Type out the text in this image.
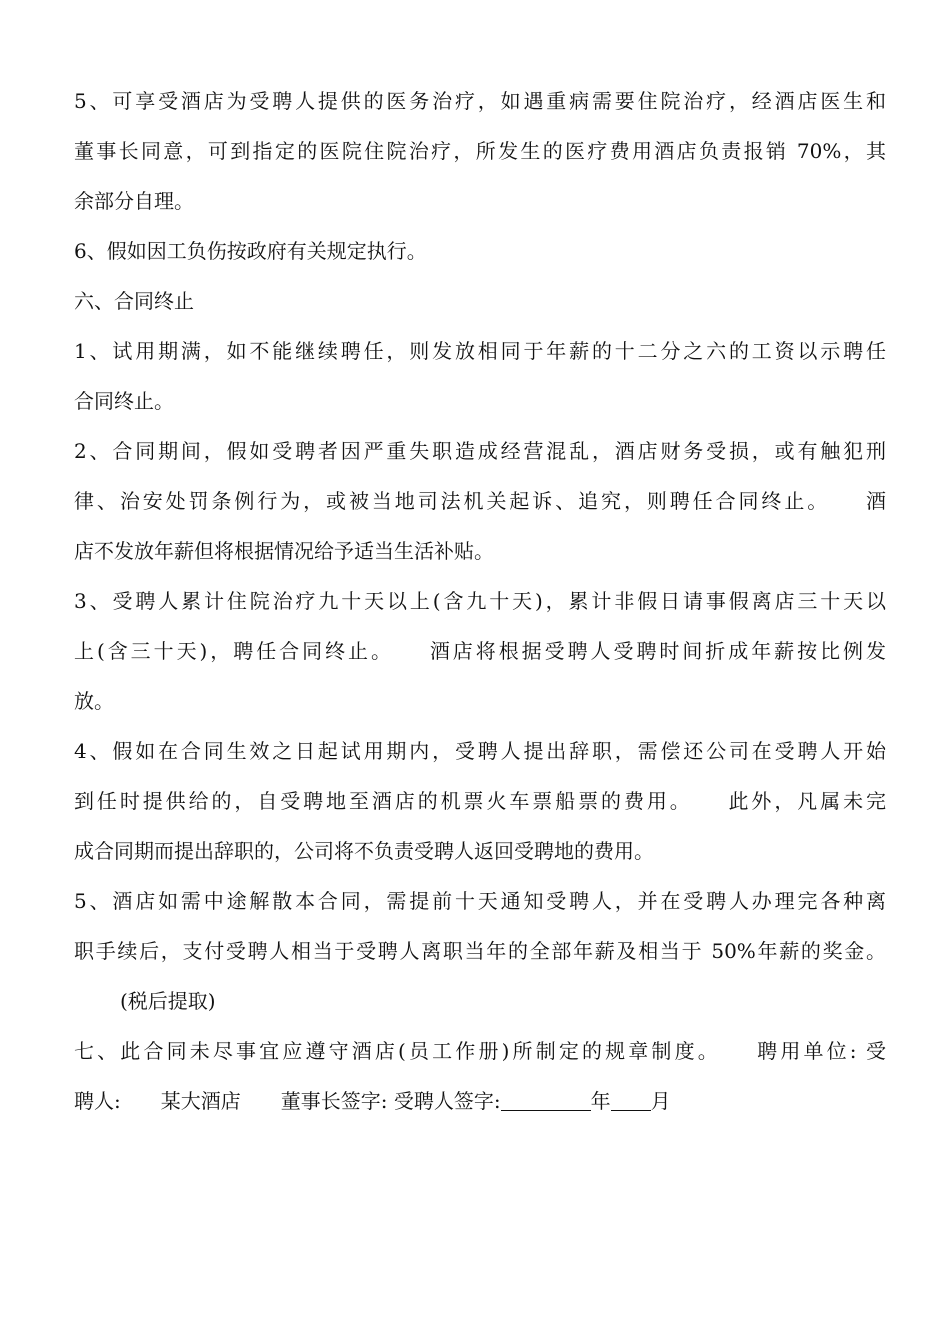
5、可享受酒店为受聘人提供的医务治疗，如遇重病需要住院治疗，经酒店医生和
董事长同意，可到指定的医院住院治疗，所发生的医疗费用酒店负责报销 70%，其
余部分自理。
6、假如因工负伤按政府有关规定执行。
六、合同终止
1、试用期满，如不能继续聘任，则发放相同于年薪的十二分之六的工资以示聘任
合同终止。
2、合同期间，假如受聘者因严重失职造成经营混乱，酒店财务受损，或有触犯刑
律、治安处罚条例行为，或被当地司法机关起诉、追究，则聘任合同终止。　　酒
店不发放年薪但将根据情况给予适当生活补贴。
3、受聘人累计住院治疗九十天以上(含九十天)，累计非假日请事假离店三十天以
上(含三十天)，聘任合同终止。　　酒店将根据受聘人受聘时间折成年薪按比例发
放。
4、假如在合同生效之日起试用期内，受聘人提出辞职，需偿还公司在受聘人开始
到任时提供给的，自受聘地至酒店的机票火车票船票的费用。　　此外，凡属未完
成合同期而提出辞职的，公司将不负责受聘人返回受聘地的费用。
5、酒店如需中途解散本合同，需提前十天通知受聘人，并在受聘人办理完各种离
职手续后，支付受聘人相当于受聘人离职当年的全部年薪及相当于 50%年薪的奖金。
(税后提取)
七、此合同未尽事宜应遵守酒店(员工作册)所制定的规章制度。　　聘用单位: 受
聘人:　　 某大酒店　　 董事长签字: 受聘人签字:	年 月
